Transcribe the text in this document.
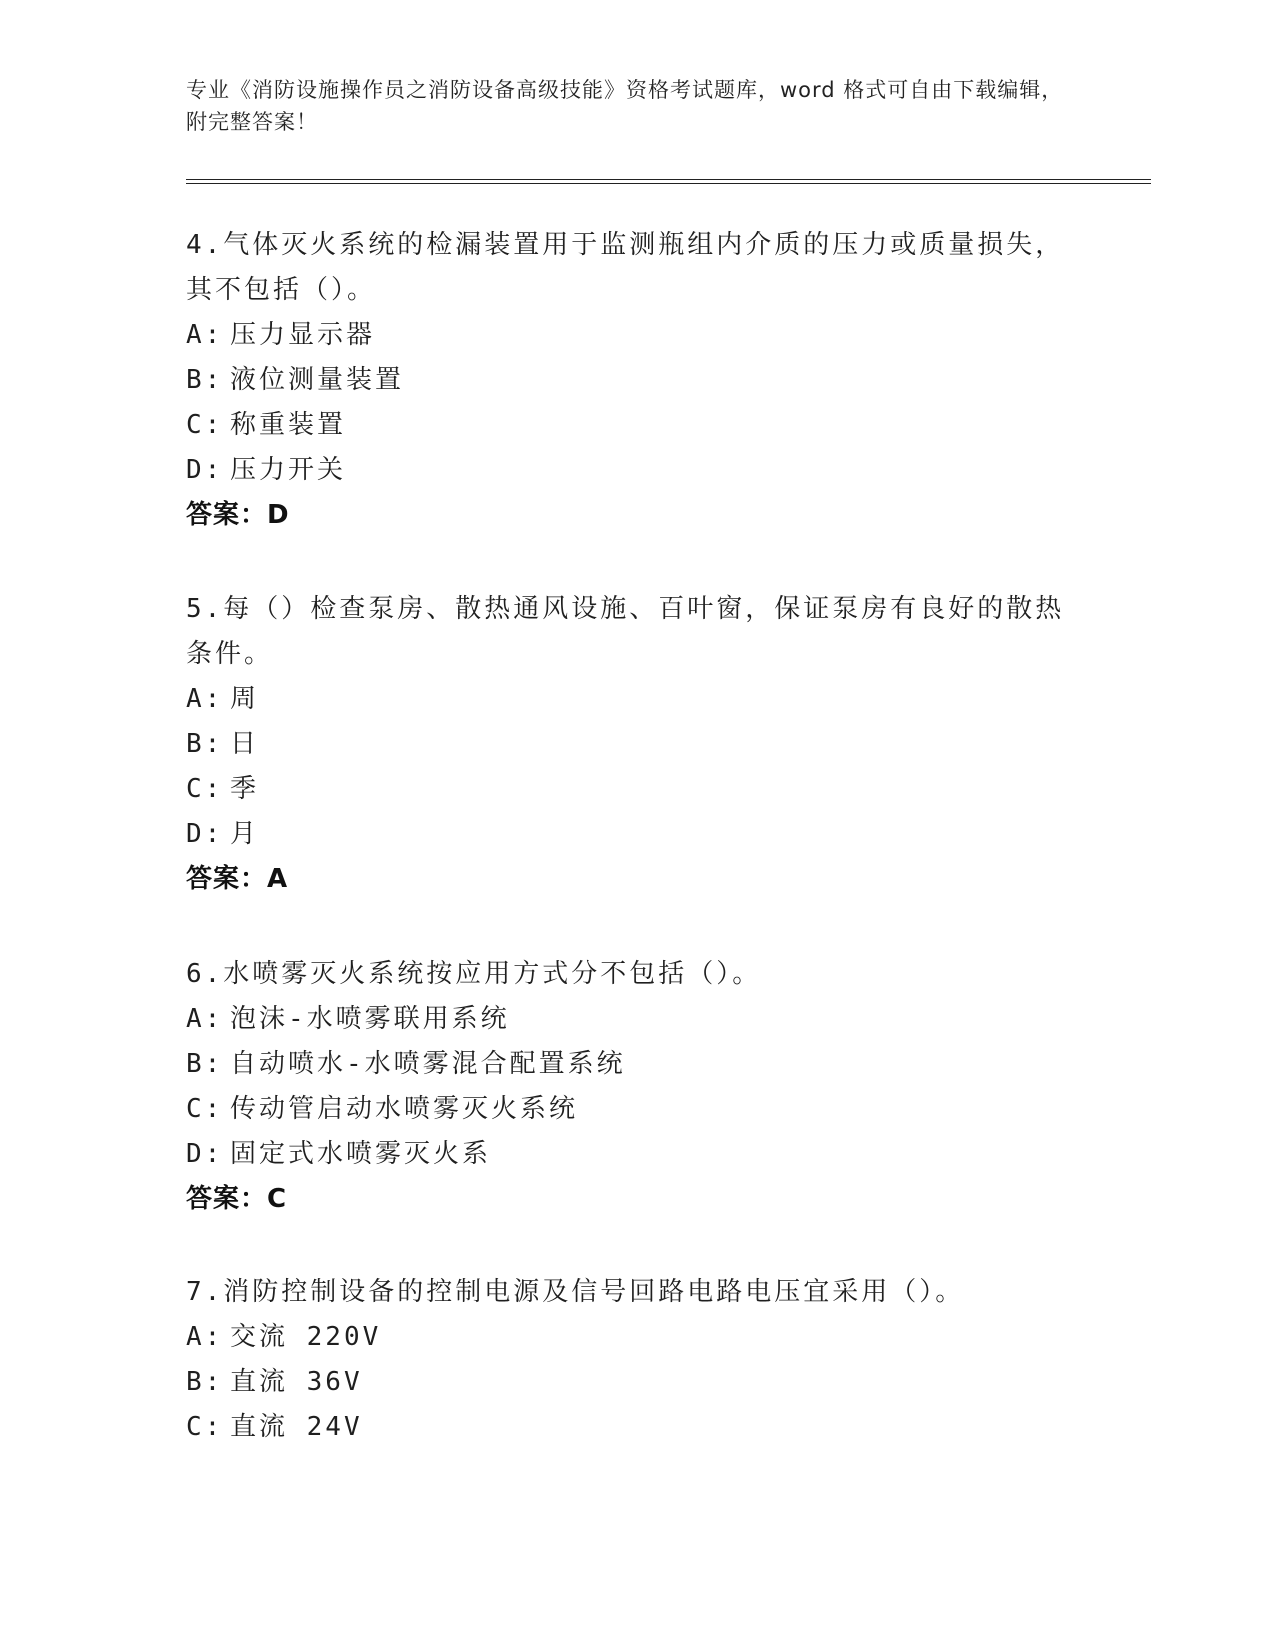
专业《消防设施操作员之消防设备高级技能》资格考试题库，word 格式可自由下载编辑，附完整答案！
4.气体灭火系统的检漏装置用于监测瓶组内介质的压力或质量损失，其不包括（）。
A: 压力显示器
B: 液位测量装置
C: 称重装置
D: 压力开关
答案：D
5.每（）检查泵房、散热通风设施、百叶窗，保证泵房有良好的散热条件。
A: 周
B: 日
C: 季
D: 月
答案：A
6.水喷雾灭火系统按应用方式分不包括（）。
A: 泡沫-水喷雾联用系统
B: 自动喷水-水喷雾混合配置系统
C: 传动管启动水喷雾灭火系统
D: 固定式水喷雾灭火系
答案：C
7.消防控制设备的控制电源及信号回路电路电压宜采用（）。
A: 交流 220V
B: 直流 36V
C: 直流 24V
